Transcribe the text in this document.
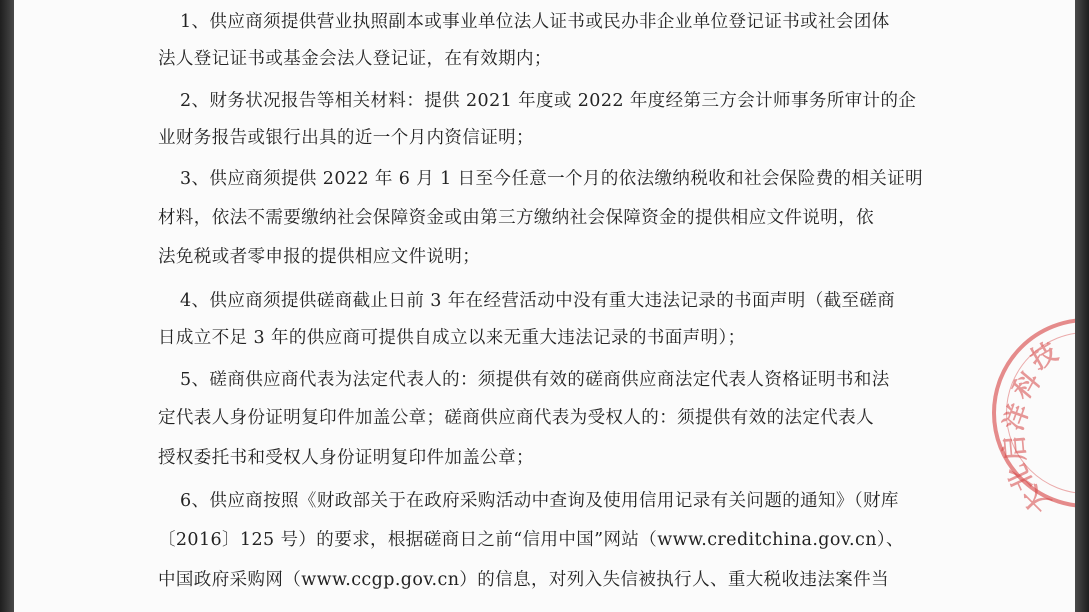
1、供应商须提供营业执照副本或事业单位法人证书或民办非企业单位登记证书或社会团体
法人登记证书或基金会法人登记证，在有效期内；
2、财务状况报告等相关材料：提供 2021 年度或 2022 年度经第三方会计师事务所审计的企
业财务报告或银行出具的近一个月内资信证明；
3、供应商须提供 2022 年 6 月 1 日至今任意一个月的依法缴纳税收和社会保险费的相关证明
材料，依法不需要缴纳社会保障资金或由第三方缴纳社会保障资金的提供相应文件说明，依
法免税或者零申报的提供相应文件说明；
4、供应商须提供磋商截止日前 3 年在经营活动中没有重大违法记录的书面声明（截至磋商
日成立不足 3 年的供应商可提供自成立以来无重大违法记录的书面声明）；
5、磋商供应商代表为法定代表人的：须提供有效的磋商供应商法定代表人资格证明书和法
定代表人身份证明复印件加盖公章；磋商供应商代表为受权人的：须提供有效的法定代表人
授权委托书和受权人身份证明复印件加盖公章；
6、供应商按照《财政部关于在政府采购活动中查询及使用信用记录有关问题的通知》（财库
〔2016〕125 号）的要求，根据磋商日之前“信用中国”网站（www.creditchina.gov.cn）、
中国政府采购网（www.ccgp.gov.cn）的信息，对列入失信被执行人、重大税收违法案件当
技
科
洋
启
北
大
